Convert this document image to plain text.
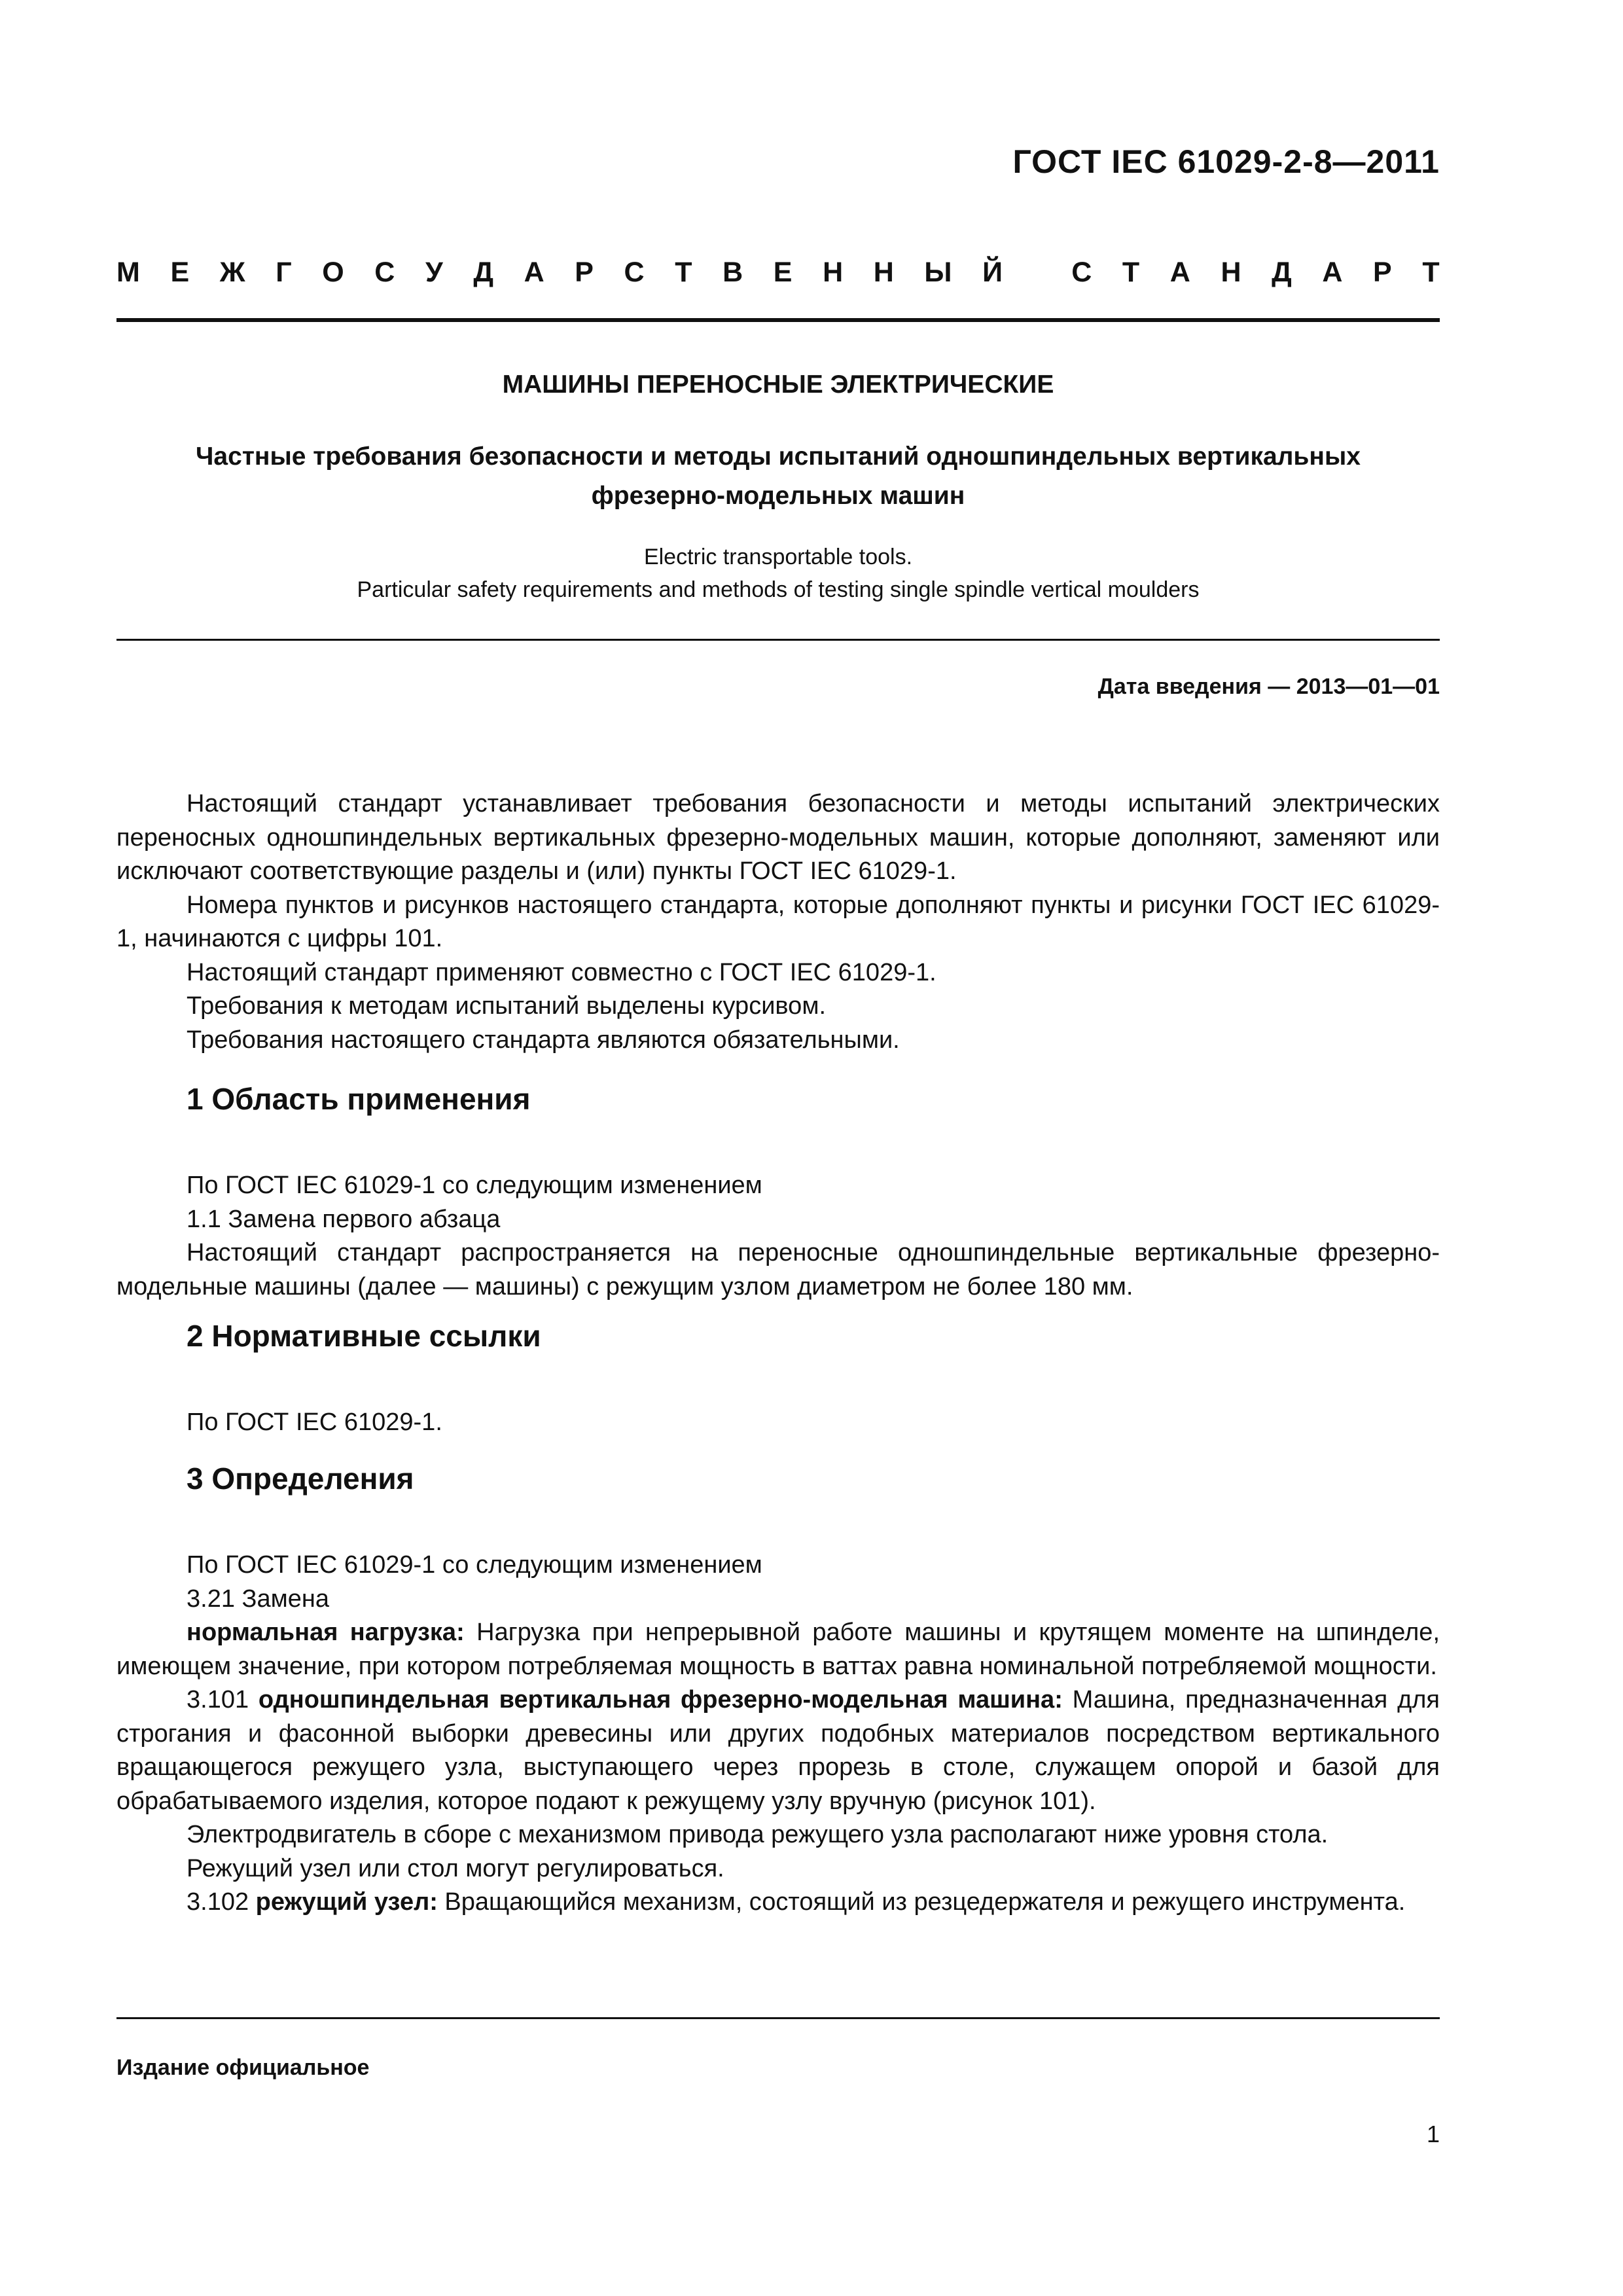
ГОСТ IEC 61029-2-8—2011
М Е Ж Г О С У Д А Р С Т В Е Н Н Ы Й
С Т А Н Д А Р Т
МАШИНЫ ПЕРЕНОСНЫЕ ЭЛЕКТРИЧЕСКИЕ
Частные требования безопасности и методы испытаний одношпиндельных вертикальных
фрезерно-модельных машин
Electric transportable tools.
Particular safety requirements and methods of testing single spindle vertical moulders
Дата введения — 2013—01—01

Настоящий стандарт устанавливает требования безопасности и методы испытаний электрических переносных одношпиндельных вертикальных фрезерно-модельных машин, которые дополняют, заменяют или исключают соответствующие разделы и (или) пункты ГОСТ IEC 61029-1.

Номера пунктов и рисунков настоящего стандарта, которые дополняют пункты и рисунки ГОСТ IEC 61029-1, начинаются с цифры 101.

Настоящий стандарт применяют совместно с ГОСТ IEC 61029-1.

Требования к методам испытаний выделены курсивом.

Требования настоящего стандарта являются обязательными.

1 Область применения

По ГОСТ IEC 61029-1 со следующим изменением

1.1 Замена первого абзаца

Настоящий стандарт распространяется на переносные одношпиндельные вертикальные фрезерно-модельные машины (далее — машины) с режущим узлом диаметром не более 180 мм.

2 Нормативные ссылки

По ГОСТ IEC 61029-1.

3 Определения

По ГОСТ IEC 61029-1 со следующим изменением

3.21 Замена

нормальная нагрузка: Нагрузка при непрерывной работе машины и крутящем моменте на шпинделе, имеющем значение, при котором потребляемая мощность в ваттах равна номинальной потребляемой мощности.

3.101 одношпиндельная вертикальная фрезерно-модельная машина: Машина, предназначенная для строгания и фасонной выборки древесины или других подобных материалов посредством вертикального вращающегося режущего узла, выступающего через прорезь в столе, служащем опорой и базой для обрабатываемого изделия, которое подают к режущему узлу вручную (рисунок 101).

Электродвигатель в сборе с механизмом привода режущего узла располагают ниже уровня стола.

Режущий узел или стол могут регулироваться.

3.102 режущий узел: Вращающийся механизм, состоящий из резцедержателя и режущего инструмента.

Издание официальное
1
